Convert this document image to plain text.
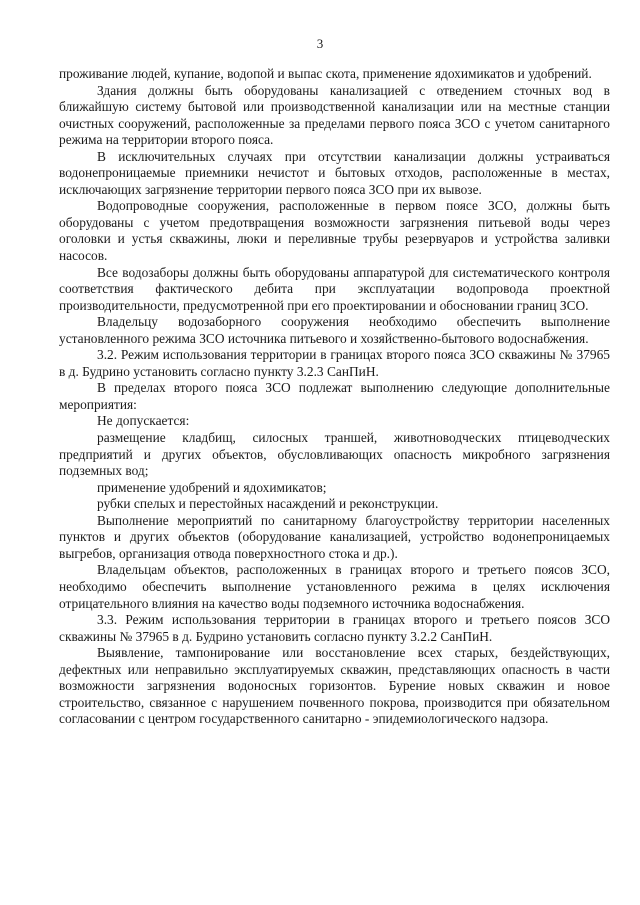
3

проживание людей, купание, водопой и выпас скота, применение ядохимикатов и удобрений.

Здания должны быть оборудованы канализацией с отведением сточных вод в ближайшую систему бытовой или производственной канализации или на местные станции очистных сооружений, расположенные за пределами первого пояса ЗСО с учетом санитарного режима на территории второго пояса.

В исключительных случаях при отсутствии канализации должны устраиваться водонепроницаемые приемники нечистот и бытовых отходов, расположенные в местах, исключающих загрязнение территории первого пояса ЗСО при их вывозе.

Водопроводные сооружения, расположенные в первом поясе ЗСО, должны быть оборудованы с учетом предотвращения возможности загрязнения питьевой воды через оголовки и устья скважины, люки и переливные трубы резервуаров и устройства заливки насосов.

Все водозаборы должны быть оборудованы аппаратурой для систематического контроля соответствия фактического дебита при эксплуатации водопровода проектной производительности, предусмотренной при его проектировании и обосновании границ ЗСО.

Владельцу водозаборного сооружения необходимо обеспечить выполнение установленного режима ЗСО источника питьевого и хозяйственно-бытового водоснабжения.

3.2. Режим использования территории в границах второго пояса ЗСО скважины № 37965 в д. Будрино установить согласно пункту 3.2.3 СанПиН.

В пределах второго пояса ЗСО подлежат выполнению следующие дополнительные мероприятия:

Не допускается:

размещение кладбищ, силосных траншей, животноводческих птицеводческих предприятий и других объектов, обусловливающих опасность микробного загрязнения подземных вод;

применение удобрений и ядохимикатов;

рубки спелых и перестойных насаждений и реконструкции.

Выполнение мероприятий по санитарному благоустройству территории населенных пунктов и других объектов (оборудование канализацией, устройство водонепроницаемых выгребов, организация отвода поверхностного стока и др.).

Владельцам объектов, расположенных в границах второго и третьего поясов ЗСО, необходимо обеспечить выполнение установленного режима в целях исключения отрицательного влияния на качество воды подземного источника водоснабжения.

3.3. Режим использования территории в границах второго и третьего поясов ЗСО скважины № 37965 в д. Будрино установить согласно пункту 3.2.2 СанПиН.

Выявление, тампонирование или восстановление всех старых, бездействующих, дефектных или неправильно эксплуатируемых скважин, представляющих опасность в части возможности загрязнения водоносных горизонтов. Бурение новых скважин и новое строительство, связанное с нарушением почвенного покрова, производится при обязательном согласовании с центром государственного санитарно - эпидемиологического надзора.
